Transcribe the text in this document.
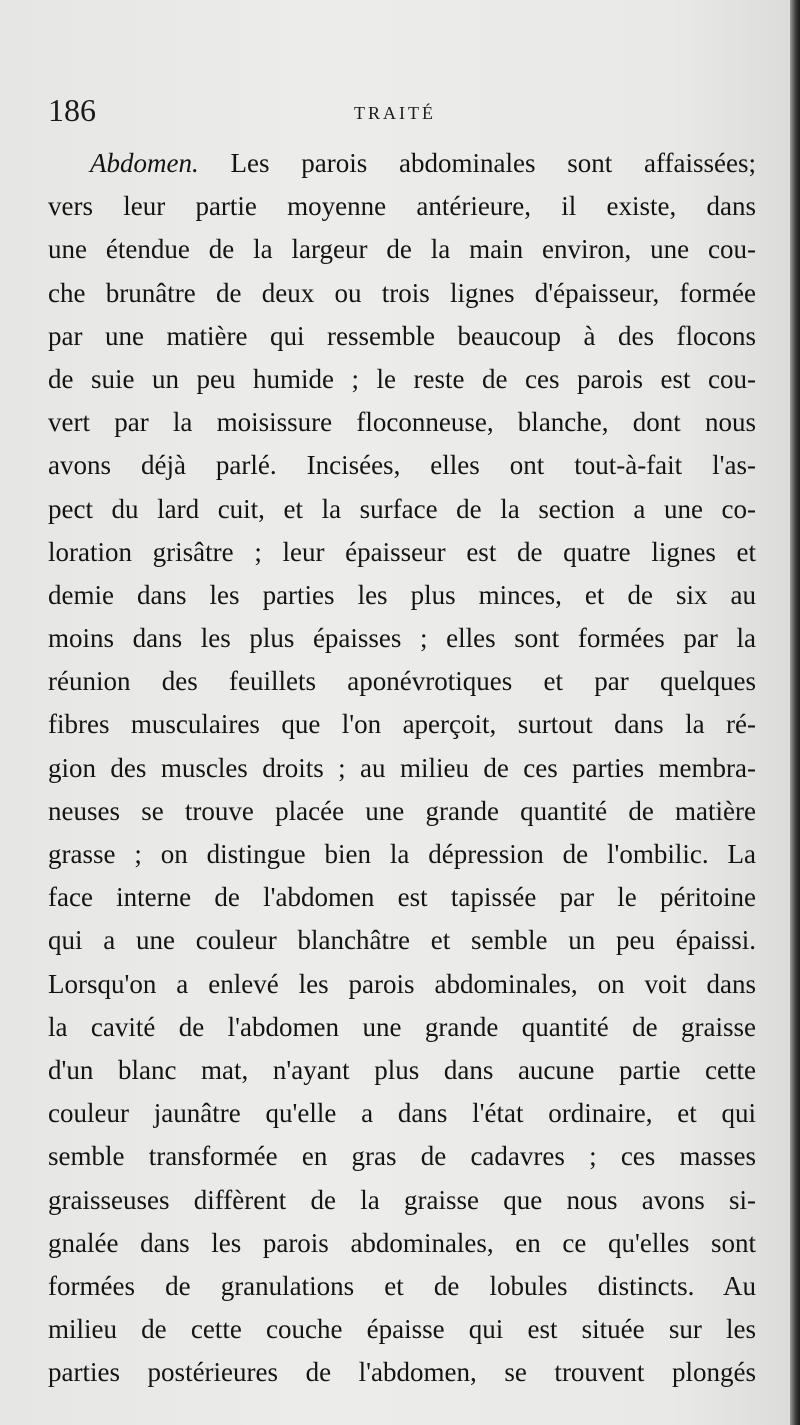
186	TRAITÉ
Abdomen. Les parois abdominales sont affaissées;
vers leur partie moyenne antérieure, il existe, dans
une étendue de la largeur de la main environ, une cou-
che brunâtre de deux ou trois lignes d'épaisseur, formée
par une matière qui ressemble beaucoup à des flocons
de suie un peu humide ; le reste de ces parois est cou-
vert par la moisissure floconneuse, blanche, dont nous
avons déjà parlé. Incisées, elles ont tout-à-fait l'as-
pect du lard cuit, et la surface de la section a une co-
loration grisâtre ; leur épaisseur est de quatre lignes et
demie dans les parties les plus minces, et de six au
moins dans les plus épaisses ; elles sont formées par la
réunion des feuillets aponévrotiques et par quelques
fibres musculaires que l'on aperçoit, surtout dans la ré-
gion des muscles droits ; au milieu de ces parties membra-
neuses se trouve placée une grande quantité de matière
grasse ; on distingue bien la dépression de l'ombilic. La
face interne de l'abdomen est tapissée par le péritoine
qui a une couleur blanchâtre et semble un peu épaissi.
Lorsqu'on a enlevé les parois abdominales, on voit dans
la cavité de l'abdomen une grande quantité de graisse
d'un blanc mat, n'ayant plus dans aucune partie cette
couleur jaunâtre qu'elle a dans l'état ordinaire, et qui
semble transformée en gras de cadavres ; ces masses
graisseuses diffèrent de la graisse que nous avons si-
gnalée dans les parois abdominales, en ce qu'elles sont
formées de granulations et de lobules distincts. Au
milieu de cette couche épaisse qui est située sur les
parties postérieures de l'abdomen, se trouvent plongés
